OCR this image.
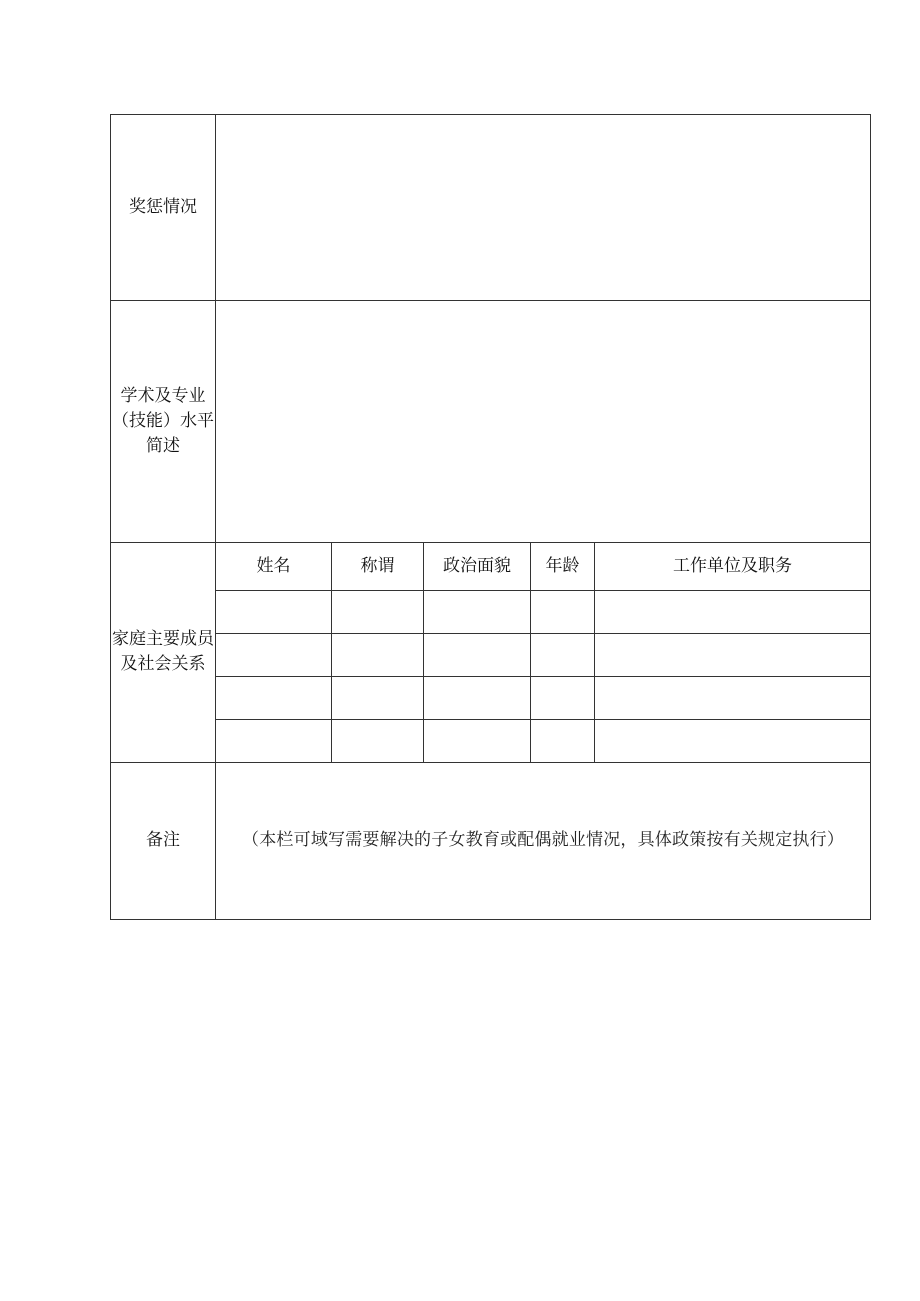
奖惩情况					
学术及专业（技能）水平简述					
家庭主要成员及社会关系	姓名	称谓	政治面貌	年龄	工作单位及职务

备注	（本栏可域写需要解决的子女教育或配偶就业情况，具体政策按有关规定执行）				
